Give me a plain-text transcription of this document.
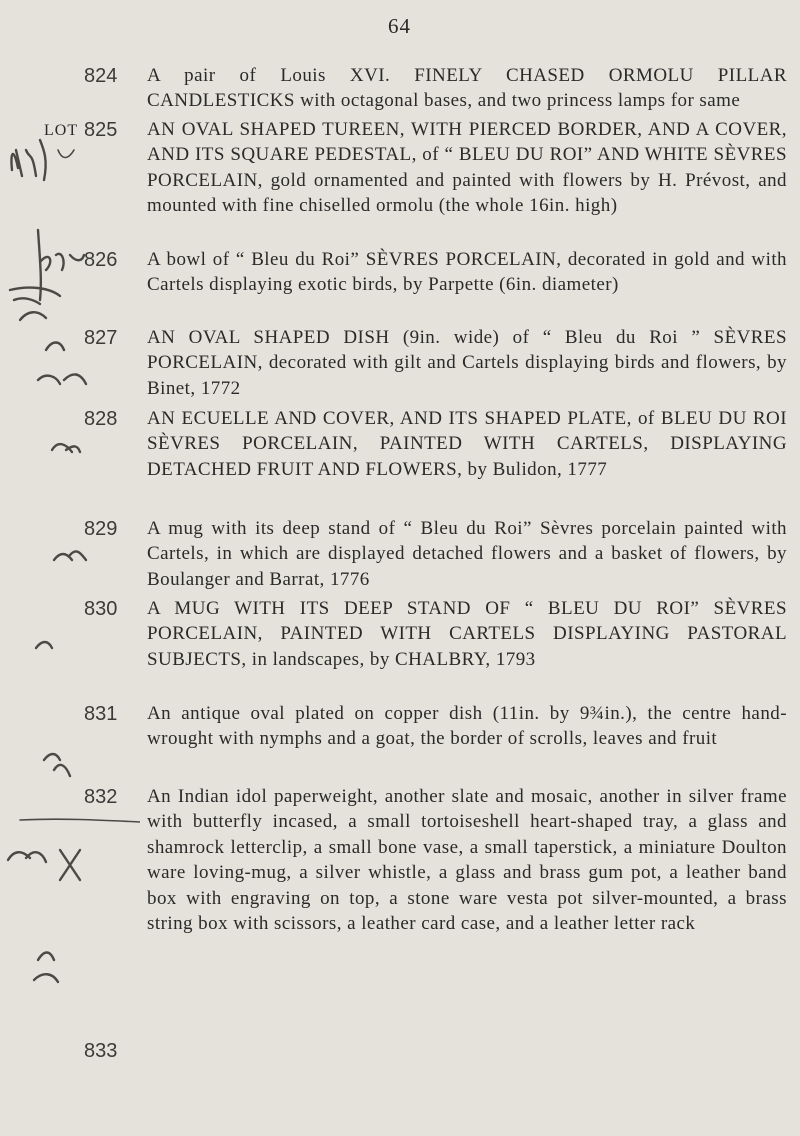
64
LOT
824 A pair of Louis XVI. FINELY CHASED ORMOLU PILLAR CANDLESTICKS with octagonal bases, and two princess lamps for same
825 AN OVAL SHAPED TUREEN, WITH PIERCED BORDER, AND A COVER, AND ITS SQUARE PEDESTAL, of “ BLEU DU ROI” AND WHITE SÈVRES PORCELAIN, gold ornamented and painted with flowers by H. Prévost, and mounted with fine chiselled ormolu (the whole 16in. high)
826 A bowl of “ Bleu du Roi” SÈVRES PORCELAIN, decorated in gold and with Cartels displaying exotic birds, by Parpette (6in. diameter)
827 AN OVAL SHAPED DISH (9in. wide) of “ Bleu du Roi ” SÈVRES PORCELAIN, decorated with gilt and Cartels displaying birds and flowers, by Binet, 1772
828 AN ECUELLE AND COVER, AND ITS SHAPED PLATE, of BLEU DU ROI SÈVRES PORCELAIN, PAINTED WITH CARTELS, DISPLAYING DETACHED FRUIT AND FLOWERS, by Bulidon, 1777
829 A mug with its deep stand of “ Bleu du Roi” Sèvres porcelain painted with Cartels, in which are displayed detached flowers and a basket of flowers, by Boulanger and Barrat, 1776
830 A MUG WITH ITS DEEP STAND OF “ BLEU DU ROI” SÈVRES PORCELAIN, PAINTED WITH CARTELS DISPLAYING PASTORAL SUBJECTS, in landscapes, by CHALBRY, 1793
831 An antique oval plated on copper dish (11in. by 9¾in.), the centre hand-wrought with nymphs and a goat, the border of scrolls, leaves and fruit
832 An Indian idol paperweight, another slate and mosaic, another in silver frame with butterfly incased, a small tortoiseshell heart-shaped tray, a glass and shamrock letterclip, a small bone vase, a small taperstick, a miniature Doulton ware loving-mug, a silver whistle, a glass and brass gum pot, a leather band box with engraving on top, a stone ware vesta pot silver-mounted, a brass string box with scissors, a leather card case, and a leather letter rack
833
